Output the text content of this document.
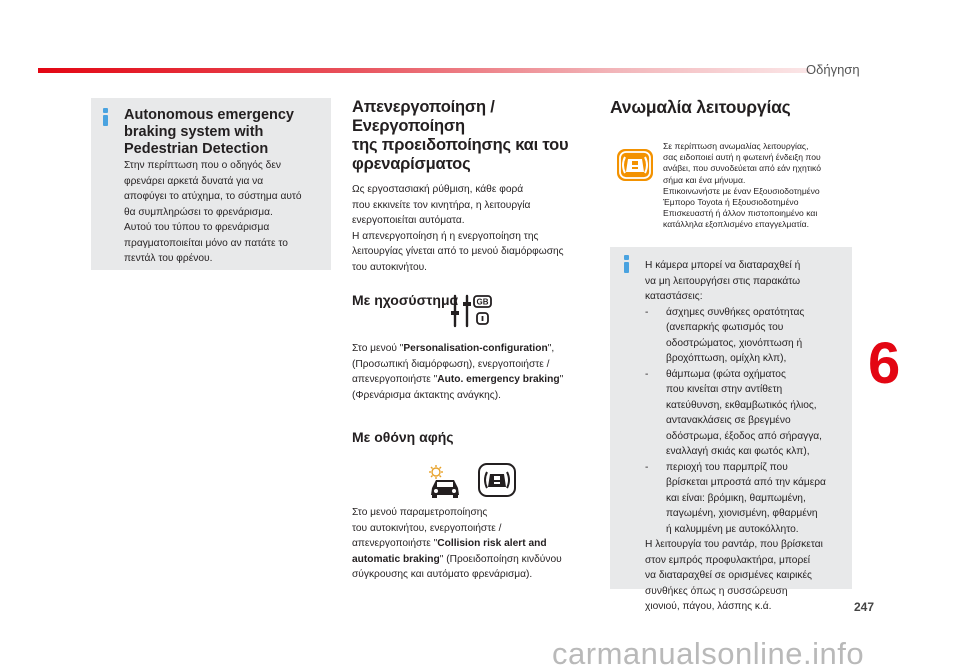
Οδήγηση
6
247
carmanualsonline.info
Autonomous emergency
braking system with
Pedestrian Detection
Στην περίπτωση που ο οδηγός δεν
φρενάρει αρκετά δυνατά για να
αποφύγει το ατύχημα, το σύστημα αυτό
θα συμπληρώσει το φρενάρισμα.
Αυτού του τύπου το φρενάρισμα
πραγματοποιείται μόνο αν πατάτε το
πεντάλ του φρένου.
Απενεργοποίηση / Ενεργοποίηση
της προειδοποίησης και του
φρεναρίσματος
Ως εργοστασιακή ρύθμιση, κάθε φορά
που εκκινείτε τον κινητήρα, η λειτουργία
ενεργοποιείται αυτόματα.
Η απενεργοποίηση ή η ενεργοποίηση της
λειτουργίας γίνεται από το μενού διαμόρφωσης
του αυτοκινήτου.
Με ηχοσύστημα	GB
Στο μενού "Personalisation-configuration",
(Προσωπική διαμόρφωση), ενεργοποιήστε /
απενεργοποιήστε "Auto. emergency braking"
(Φρενάρισμα άκτακτης ανάγκης).
Με οθόνη αφής
Στο μενού παραμετροποίησης
του αυτοκινήτου, ενεργοποιήστε /
απενεργοποιήστε "Collision risk alert and
automatic braking" (Προειδοποίηση κινδύνου
σύγκρουσης και αυτόματο φρενάρισμα).
Ανωμαλία λειτουργίας
Σε περίπτωση ανωμαλίας λειτουργίας,
σας ειδοποιεί αυτή η φωτεινή ένδειξη που
ανάβει, που συνοδεύεται από εάν ηχητικό
σήμα και ένα μήνυμα.
Επικοινωνήστε με έναν Εξουσιοδοτημένο
Έμπορο Toyota ή Εξουσιοδοτημένο
Επισκευαστή ή άλλον πιστοποιημένο και
κατάλληλα εξοπλισμένο επαγγελματία.
Η κάμερα μπορεί να διαταραχθεί ή
να μη λειτουργήσει στις παρακάτω
καταστάσεις:
- άσχημες συνθήκες ορατότητας
(ανεπαρκής φωτισμός του
οδοστρώματος, χιονόπτωση ή
βροχόπτωση, ομίχλη κλπ),
- θάμπωμα (φώτα οχήματος
που κινείται στην αντίθετη
κατεύθυνση, εκθαμβωτικός ήλιος,
αντανακλάσεις σε βρεγμένο
οδόστρωμα, έξοδος από σήραγγα,
εναλλαγή σκιάς και φωτός κλπ),
- περιοχή του παρμπρίζ που
βρίσκεται μπροστά από την κάμερα
και είναι: βρόμικη, θαμπωμένη,
παγωμένη, χιονισμένη, φθαρμένη
ή καλυμμένη με αυτοκόλλητο.
Η λειτουργία του ραντάρ, που βρίσκεται
στον εμπρός προφυλακτήρα, μπορεί
να διαταραχθεί σε ορισμένες καιρικές
συνθήκες όπως η συσσώρευση
χιονιού, πάγου, λάσπης κ.ά.
